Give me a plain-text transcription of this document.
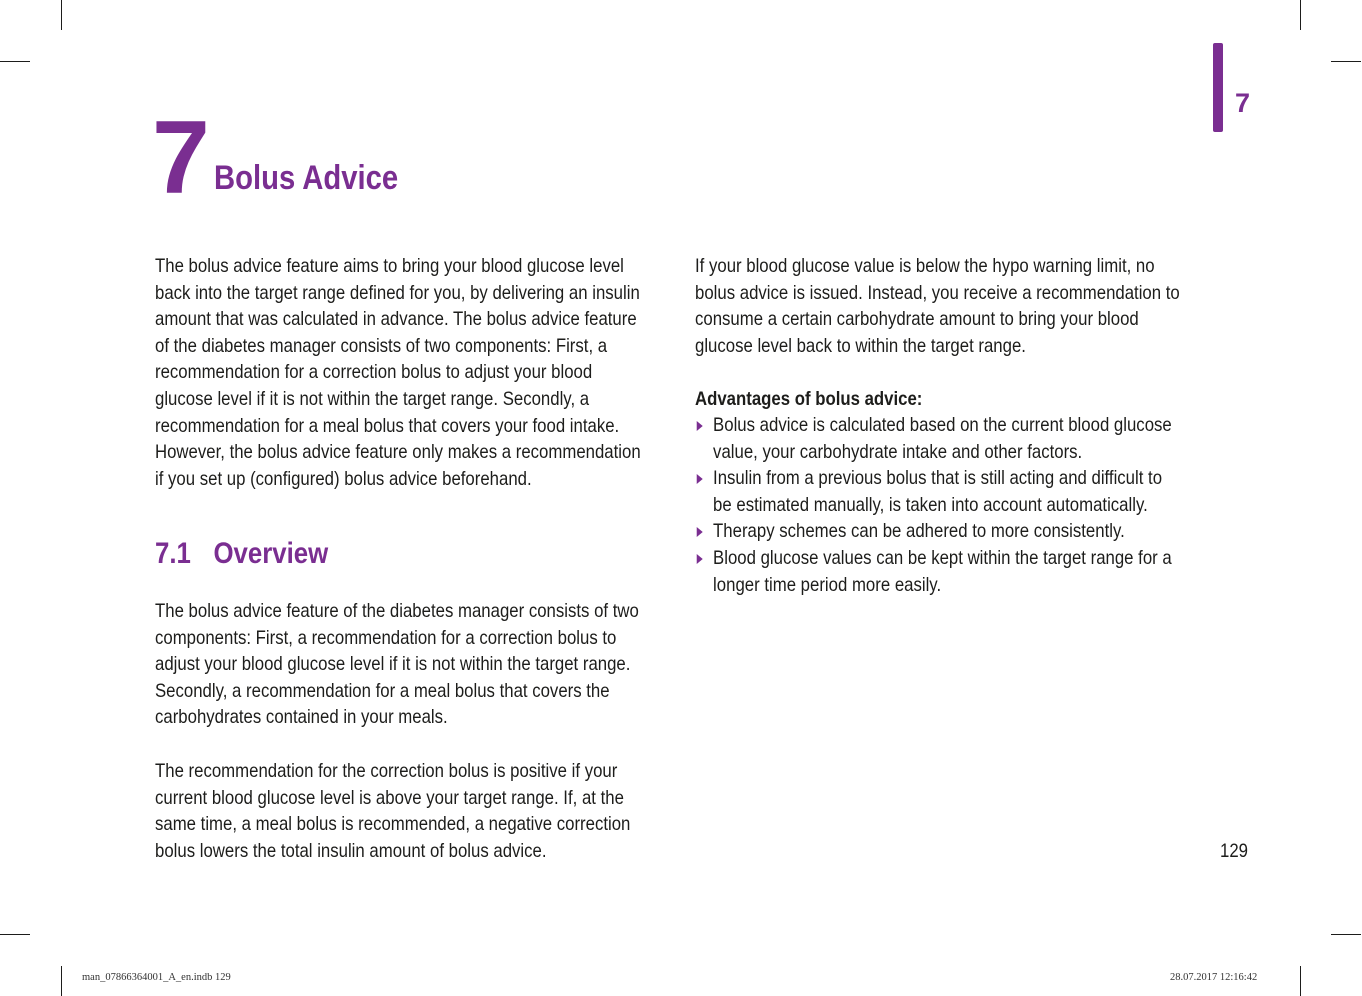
7
7 Bolus Advice

The bolus advice feature aims to bring your blood glucose level
back into the target range defined for you, by delivering an insulin
amount that was calculated in advance. The bolus advice feature
of the diabetes manager consists of two components: First, a
recommendation for a correction bolus to adjust your blood
glucose level if it is not within the target range. Secondly, a
recommendation for a meal bolus that covers your food intake.
However, the bolus advice feature only makes a recommendation
if you set up (configured) bolus advice beforehand.

7.1 Overview

The bolus advice feature of the diabetes manager consists of two
components: First, a recommendation for a correction bolus to
adjust your blood glucose level if it is not within the target range.
Secondly, a recommendation for a meal bolus that covers the
carbohydrates contained in your meals.

The recommendation for the correction bolus is positive if your
current blood glucose level is above your target range. If, at the
same time, a meal bolus is recommended, a negative correction
bolus lowers the total insulin amount of bolus advice.

If your blood glucose value is below the hypo warning limit, no
bolus advice is issued. Instead, you receive a recommendation to
consume a certain carbohydrate amount to bring your blood
glucose level back to within the target range.

Advantages of bolus advice:
Bolus advice is calculated based on the current blood glucose
value, your carbohydrate intake and other factors.
Insulin from a previous bolus that is still acting and difficult to
be estimated manually, is taken into account automatically.
Therapy schemes can be adhered to more consistently.
Blood glucose values can be kept within the target range for a
longer time period more easily.
129
man_07866364001_A_en.indb 129	28.07.2017 12:16:42
